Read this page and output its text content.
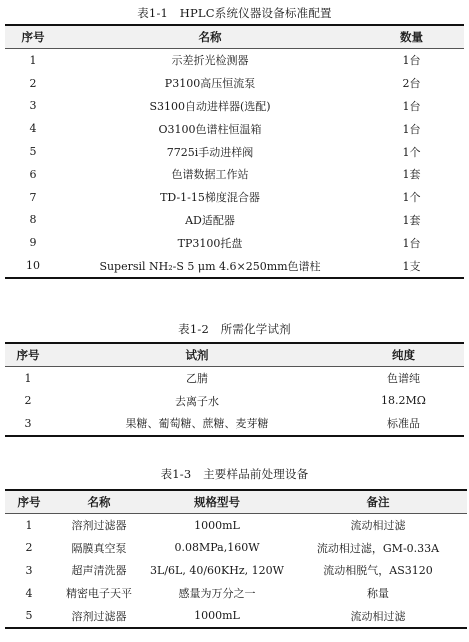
表1-1　HPLC系统仪器设备标准配置
序号	名称	数量
1	示差折光检测器	1台
2	P3100高压恒流泵	2台
3	S3100自动进样器(选配)	1台
4	O3100色谱柱恒温箱	1台
5	7725i手动进样阀	1个
6	色谱数据工作站	1套
7	TD-1-15梯度混合器	1个
8	AD适配器	1套
9	TP3100托盘	1台
10	Supersil NH₂-S 5 μm 4.6×250mm色谱柱	1支
表1-2　所需化学试剂
序号	试剂	纯度
1	乙腈	色谱纯
2	去离子水	18.2MΩ
3	果糖、葡萄糖、蔗糖、麦芽糖	标准品
表1-3　主要样品前处理设备
序号	名称	规格型号	备注
1	溶剂过滤器	1000mL	流动相过滤
2	隔膜真空泵	0.08MPa,160W	流动相过滤，GM-0.33A
3	超声清洗器	3L/6L, 40/60KHz, 120W	流动相脱气，AS3120
4	精密电子天平	感量为万分之一	称量
5	溶剂过滤器	1000mL	流动相过滤
